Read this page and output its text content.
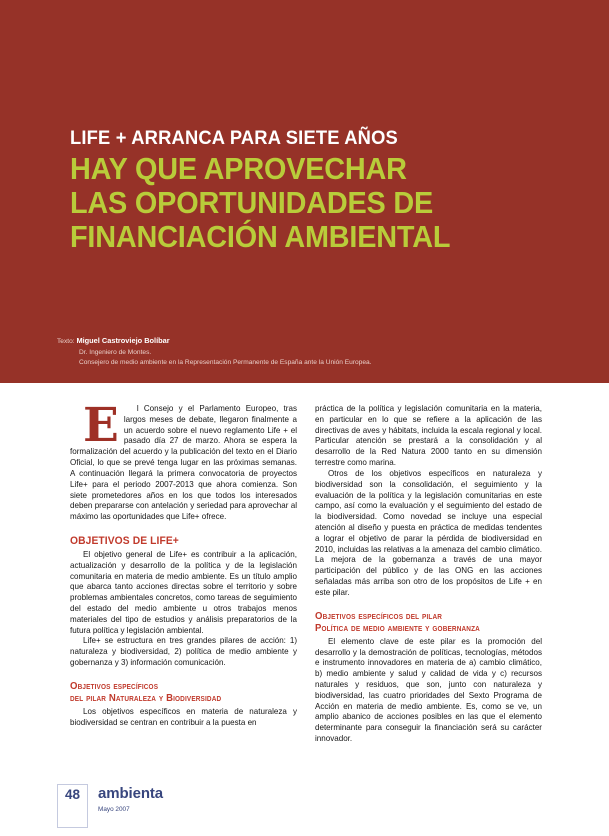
LIFE + ARRANCA PARA SIETE AÑOS
HAY QUE APROVECHAR
LAS OPORTUNIDADES DE
FINANCIACIÓN AMBIENTAL
Texto: Miguel Castroviejo Bolíbar
Dr. Ingeniero de Montes.
Consejero de medio ambiente en la Representación Permanente de España ante la Unión Europea.

E l Consejo y el Parlamento Europeo, tras largos meses de debate, llegaron finalmente a un acuerdo sobre el nuevo reglamento Life + el pasado día 27 de marzo. Ahora se espera la formalización del acuerdo y la publicación del texto en el Diario Oficial, lo que se prevé tenga lugar en las próximas semanas. A continuación llegará la primera convocatoria de proyectos Life+ para el periodo 2007-2013 que ahora comienza. Son siete prometedores años en los que todos los interesados deben prepararse con antelación y seriedad para aprovechar al máximo las oportunidades que Life+ ofrece.

OBJETIVOS DE LIFE+

El objetivo general de Life+ es contribuir a la aplicación, actualización y desarrollo de la política y de la legislación comunitaria en materia de medio ambiente. Es un título amplio que abarca tanto acciones directas sobre el territorio y sobre problemas ambientales concretos, como tareas de seguimiento del estado del medio ambiente u otros trabajos menos materiales del tipo de estudios y análisis preparatorios de la futura política y legislación ambiental.

Life+ se estructura en tres grandes pilares de acción: 1) naturaleza y biodiversidad, 2) política de medio ambiente y gobernanza y 3) información comunicación.

Objetivos específicos
del pilar Naturaleza y Biodiversidad

Los objetivos específicos en materia de naturaleza y biodiversidad se centran en contribuir a la puesta en

práctica de la política y legislación comunitaria en la materia, en particular en lo que se refiere a la aplicación de las directivas de aves y hábitats, incluida la escala regional y local. Particular atención se prestará a la consolidación y al desarrollo de la Red Natura 2000 tanto en su dimensión terrestre como marina.

Otros de los objetivos específicos en naturaleza y biodiversidad son la consolidación, el seguimiento y la evaluación de la política y la legislación comunitarias en este campo, así como la evaluación y el seguimiento del estado de la biodiversidad. Como novedad se incluye una especial atención al diseño y puesta en práctica de medidas tendentes a lograr el objetivo de parar la pérdida de biodiversidad en 2010, incluidas las relativas a la amenaza del cambio climático. La mejora de la gobernanza a través de una mayor participación del público y de las ONG en las acciones señaladas más arriba son otro de los propósitos de Life + en este pilar.

Objetivos específicos del pilar
Política de medio ambiente y gobernanza

El elemento clave de este pilar es la promoción del desarrollo y la demostración de políticas, tecnologías, métodos e instrumento innovadores en materia de a) cambio climático, b) medio ambiente y salud y calidad de vida y c) recursos naturales y residuos, que son, junto con naturaleza y biodiversidad, las cuatro prioridades del Sexto Programa de Acción en materia de medio ambiente. Es, como se ve, un amplio abanico de acciones posibles en las que el elemento determinante para conseguir la financiación será su carácter innovador.

48	ambienta
Mayo 2007
